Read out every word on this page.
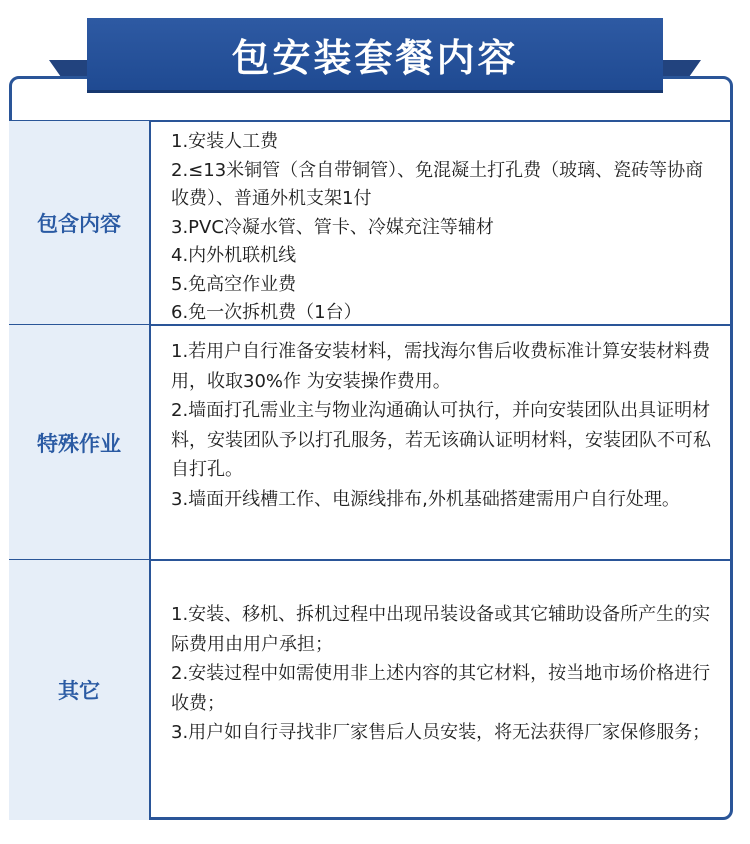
包安装套餐内容
包含内容

1.安装人工费

2.≤13米铜管（含自带铜管）、免混凝土打孔费（玻璃、瓷砖等协商收费）、普通外机支架1付

3.PVC冷凝水管、管卡、冷媒充注等辅材

4.内外机联机线

5.免高空作业费

6.免一次拆机费（1台）

特殊作业

1.若用户自行准备安装材料，需找海尔售后收费标准计算安装材料费用，收取30%作 为安装操作费用。

2.墙面打孔需业主与物业沟通确认可执行，并向安装团队出具证明材料，安装团队予以打孔服务，若无该确认证明材料，安装团队不可私自打孔。

3.墙面开线槽工作、电源线排布,外机基础搭建需用户自行处理。

其它

1.安装、移机、拆机过程中出现吊装设备或其它辅助设备所产生的实际费用由用户承担；

2.安装过程中如需使用非上述内容的其它材料，按当地市场价格进行收费；

3.用户如自行寻找非厂家售后人员安装，将无法获得厂家保修服务；
